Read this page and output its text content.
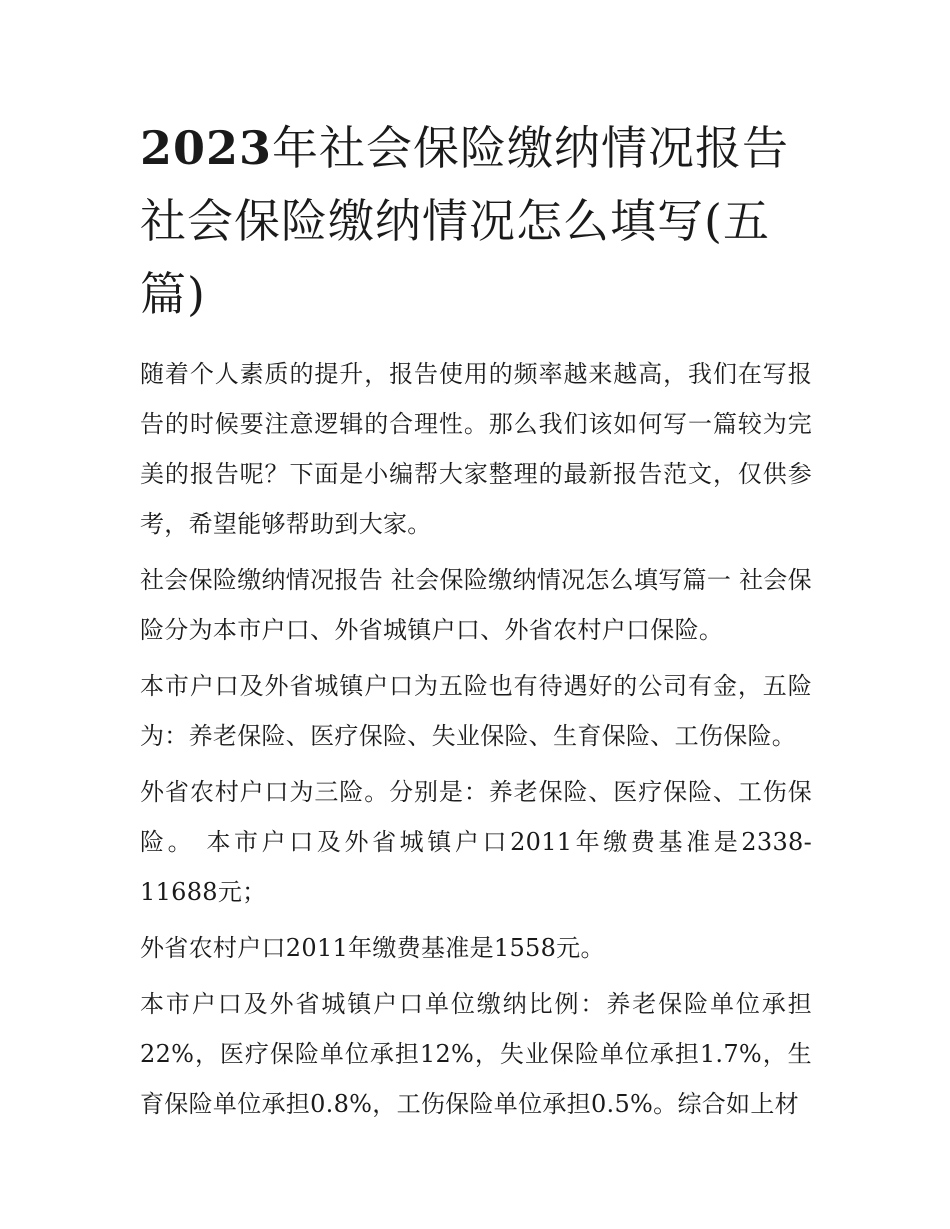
2023年社会保险缴纳情况报告 社会保险缴纳情况怎么填写(五篇)

随着个人素质的提升，报告使用的频率越来越高，我们在写报告的时候要注意逻辑的合理性。那么我们该如何写一篇较为完美的报告呢？下面是小编帮大家整理的最新报告范文，仅供参考，希望能够帮助到大家。

社会保险缴纳情况报告 社会保险缴纳情况怎么填写篇一 社会保险分为本市户口、外省城镇户口、外省农村户口保险。

本市户口及外省城镇户口为五险也有待遇好的公司有金，五险为：养老保险、医疗保险、失业保险、生育保险、工伤保险。

外省农村户口为三险。分别是：养老保险、医疗保险、工伤保险。 本市户口及外省城镇户口2011年缴费基准是2338-11688元；

外省农村户口2011年缴费基准是1558元。

本市户口及外省城镇户口单位缴纳比例：养老保险单位承担22%，医疗保险单位承担12%，失业保险单位承担1.7%，生育保险单位承担0.8%，工伤保险单位承担0.5%。综合如上材
